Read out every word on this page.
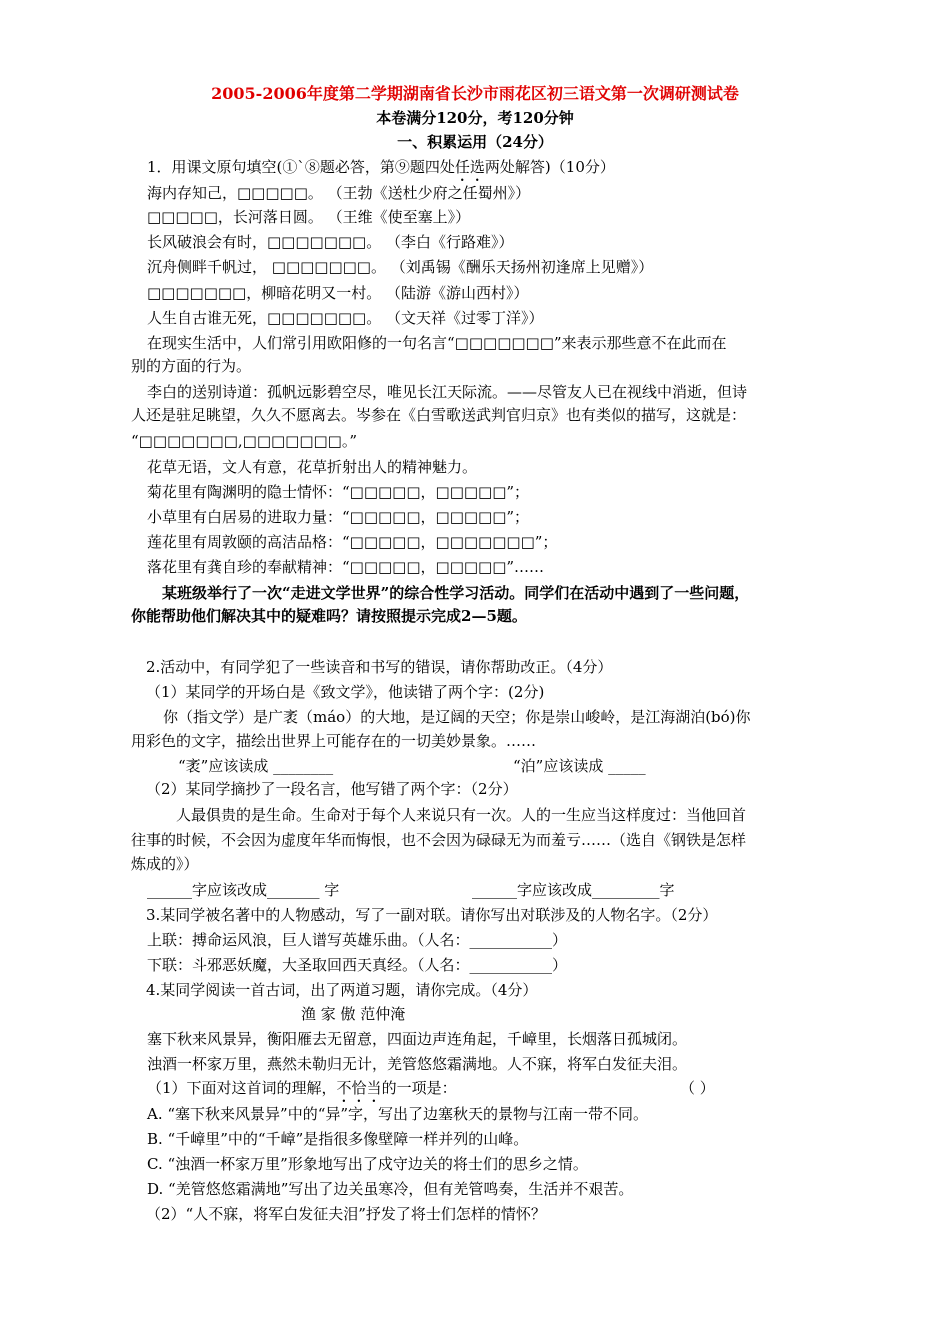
2005-2006年度第二学期湖南省长沙市雨花区初三语文第一次调研测试卷
本卷满分120分，考120分钟
一、积累运用（24分）
1．用课文原句填空(①`⑧题必答，第⑨题四处任选两处解答)（10分）
海内存知己，□□□□□。 （王勃《送杜少府之任蜀州》）
□□□□□，长河落日圆。 （王维《使至塞上》）
长风破浪会有时，□□□□□□□。 （李白《行路难》）
沉舟侧畔千帆过， □□□□□□□。 （刘禹锡《酬乐天扬州初逢席上见赠》）
□□□□□□□，柳暗花明又一村。 （陆游《游山西村》）
人生自古谁无死，□□□□□□□。 （文天祥《过零丁洋》）
在现实生活中，人们常引用欧阳修的一句名言“□□□□□□□”来表示那些意不在此而在
别的方面的行为。
李白的送别诗道：孤帆远影碧空尽，唯见长江天际流。——尽管友人已在视线中消逝，但诗
人还是驻足眺望，久久不愿离去。岑参在《白雪歌送武判官归京》也有类似的描写，这就是：
“□□□□□□□,□□□□□□□。”
花草无语，文人有意，花草折射出人的精神魅力。
菊花里有陶渊明的隐士情怀：“□□□□□，□□□□□”；
小草里有白居易的进取力量：“□□□□□，□□□□□”；
莲花里有周敦颐的高洁品格：“□□□□□，□□□□□□□”；
落花里有龚自珍的奉献精神：“□□□□□，□□□□□”……
某班级举行了一次“走进文学世界”的综合性学习活动。同学们在活动中遇到了一些问题，
你能帮助他们解决其中的疑难吗？请按照提示完成2—5题。
2.活动中，有同学犯了一些读音和书写的错误，请你帮助改正。（4分）
（1）某同学的开场白是《致文学》，他读错了两个字：(2分)
你（指文学）是广袤（máo）的大地，是辽阔的天空；你是崇山峻岭，是江海湖泊(bó)你
用彩色的文字，描绘出世界上可能存在的一切美妙景象。……
“袤”应该读成 ________	“泊”应该读成 _____
（2）某同学摘抄了一段名言，他写错了两个字：（2分）
人最俱贵的是生命。生命对于每个人来说只有一次。人的一生应当这样度过：当他回首
往事的时候，不会因为虚度年华而悔恨，也不会因为碌碌无为而羞亏……（选自《钢铁是怎样
炼成的》）
______字应该改成_______ 字	______字应该改成_________字
3.某同学被名著中的人物感动，写了一副对联。请你写出对联涉及的人物名字。（2分）
上联：搏命运风浪，巨人谱写英雄乐曲。（人名：___________）
下联：斗邪恶妖魔，大圣取回西天真经。（人名：___________）
4.某同学阅读一首古词，出了两道习题，请你完成。（4分）
渔 家 傲 范仲淹
塞下秋来风景异，衡阳雁去无留意，四面边声连角起，千嶂里，长烟落日孤城闭。
浊酒一杯家万里，燕然未勒归无计，羌管悠悠霜满地。人不寐，将军白发征夫泪。
（1）下面对这首词的理解，不恰当的一项是：	（ ）
A. “塞下秋来风景异”中的“异”字，写出了边塞秋天的景物与江南一带不同。
B. “千嶂里”中的“千嶂”是指很多像壁障一样并列的山峰。
C. “浊酒一杯家万里”形象地写出了戍守边关的将士们的思乡之情。
D. “羌管悠悠霜满地”写出了边关虽寒冷，但有羌管鸣奏，生活并不艰苦。
（2）“人不寐，将军白发征夫泪”抒发了将士们怎样的情怀？
